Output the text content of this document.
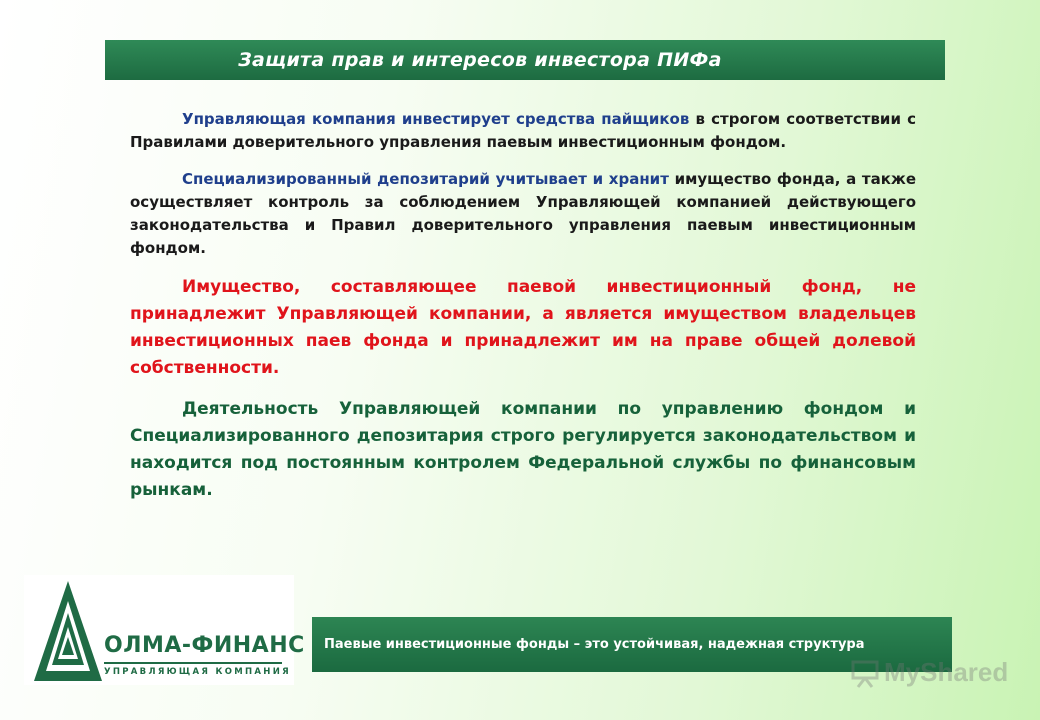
Защита прав и интересов инвестора ПИФа

Управляющая компания инвестирует средства пайщиков в строгом соответствии с Правилами доверительного управления паевым инвестиционным фондом.

Специализированный депозитарий учитывает и хранит имущество фонда, а также осуществляет контроль за соблюдением Управляющей компанией действующего законодательства и Правил доверительного управления паевым инвестиционным фондом.

Имущество, составляющее паевой инвестиционный фонд, не принадлежит Управляющей компании, а является имуществом владельцев инвестиционных паев фонда и принадлежит им на праве общей долевой собственности.

Деятельность Управляющей компании по управлению фондом и Специализированного депозитария строго регулируется законодательством и находится под постоянным контролем Федеральной службы по финансовым рынкам.

ОЛМА-ФИНАНС
УПРАВЛЯЮЩАЯ КОМПАНИЯ
Паевые инвестиционные фонды – это устойчивая, надежная структура
MyShared
